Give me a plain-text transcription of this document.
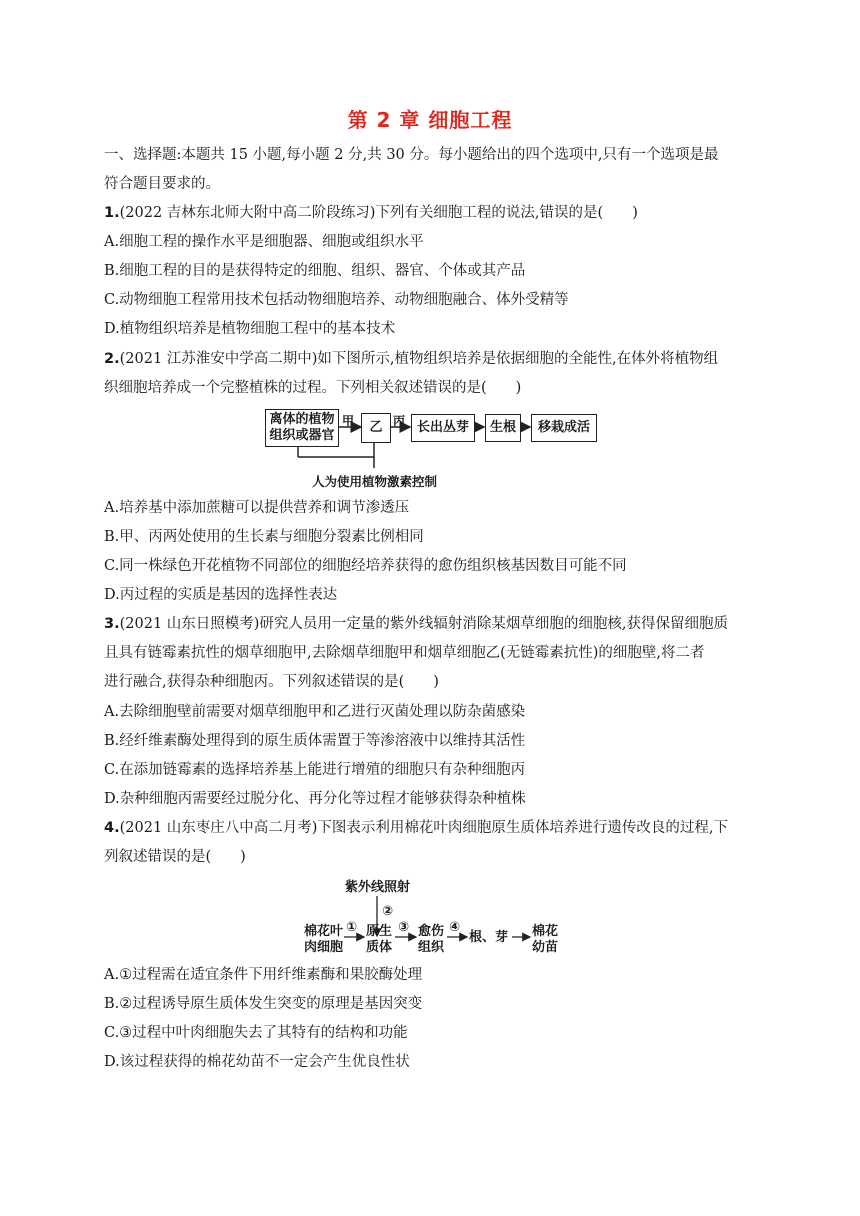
第 2 章 细胞工程
一、选择题:本题共 15 小题,每小题 2 分,共 30 分。每小题给出的四个选项中,只有一个选项是最
符合题目要求的。
1.(2022 吉林东北师大附中高二阶段练习)下列有关细胞工程的说法,错误的是(　　)
A.细胞工程的操作水平是细胞器、细胞或组织水平
B.细胞工程的目的是获得特定的细胞、组织、器官、个体或其产品
C.动物细胞工程常用技术包括动物细胞培养、动物细胞融合、体外受精等
D.植物组织培养是植物细胞工程中的基本技术
2.(2021 江苏淮安中学高二期中)如下图所示,植物组织培养是依据细胞的全能性,在体外将植物组
织细胞培养成一个完整植株的过程。下列相关叙述错误的是(　　)
离体的植物
组织或器官
甲	乙 丙 长出丛芽	生根	移栽成活
人为使用植物激素控制
A.培养基中添加蔗糖可以提供营养和调节渗透压
B.甲、丙两处使用的生长素与细胞分裂素比例相同
C.同一株绿色开花植物不同部位的细胞经培养获得的愈伤组织核基因数目可能不同
D.丙过程的实质是基因的选择性表达
3.(2021 山东日照模考)研究人员用一定量的紫外线辐射消除某烟草细胞的细胞核,获得保留细胞质
且具有链霉素抗性的烟草细胞甲,去除烟草细胞甲和烟草细胞乙(无链霉素抗性)的细胞壁,将二者
进行融合,获得杂种细胞丙。下列叙述错误的是(　　)
A.去除细胞壁前需要对烟草细胞甲和乙进行灭菌处理以防杂菌感染
B.经纤维素酶处理得到的原生质体需置于等渗溶液中以维持其活性
C.在添加链霉素的选择培养基上能进行增殖的细胞只有杂种细胞丙
D.杂种细胞丙需要经过脱分化、再分化等过程才能够获得杂种植株
4.(2021 山东枣庄八中高二月考)下图表示利用棉花叶肉细胞原生质体培养进行遗传改良的过程,下
列叙述错误的是(　　)
紫外线照射
②
棉花叶
肉细胞
① 原生
质体
③ 愈伤
组织
④
根、芽 棉花
幼苗
A.①过程需在适宜条件下用纤维素酶和果胶酶处理
B.②过程诱导原生质体发生突变的原理是基因突变
C.③过程中叶肉细胞失去了其特有的结构和功能
D.该过程获得的棉花幼苗不一定会产生优良性状
